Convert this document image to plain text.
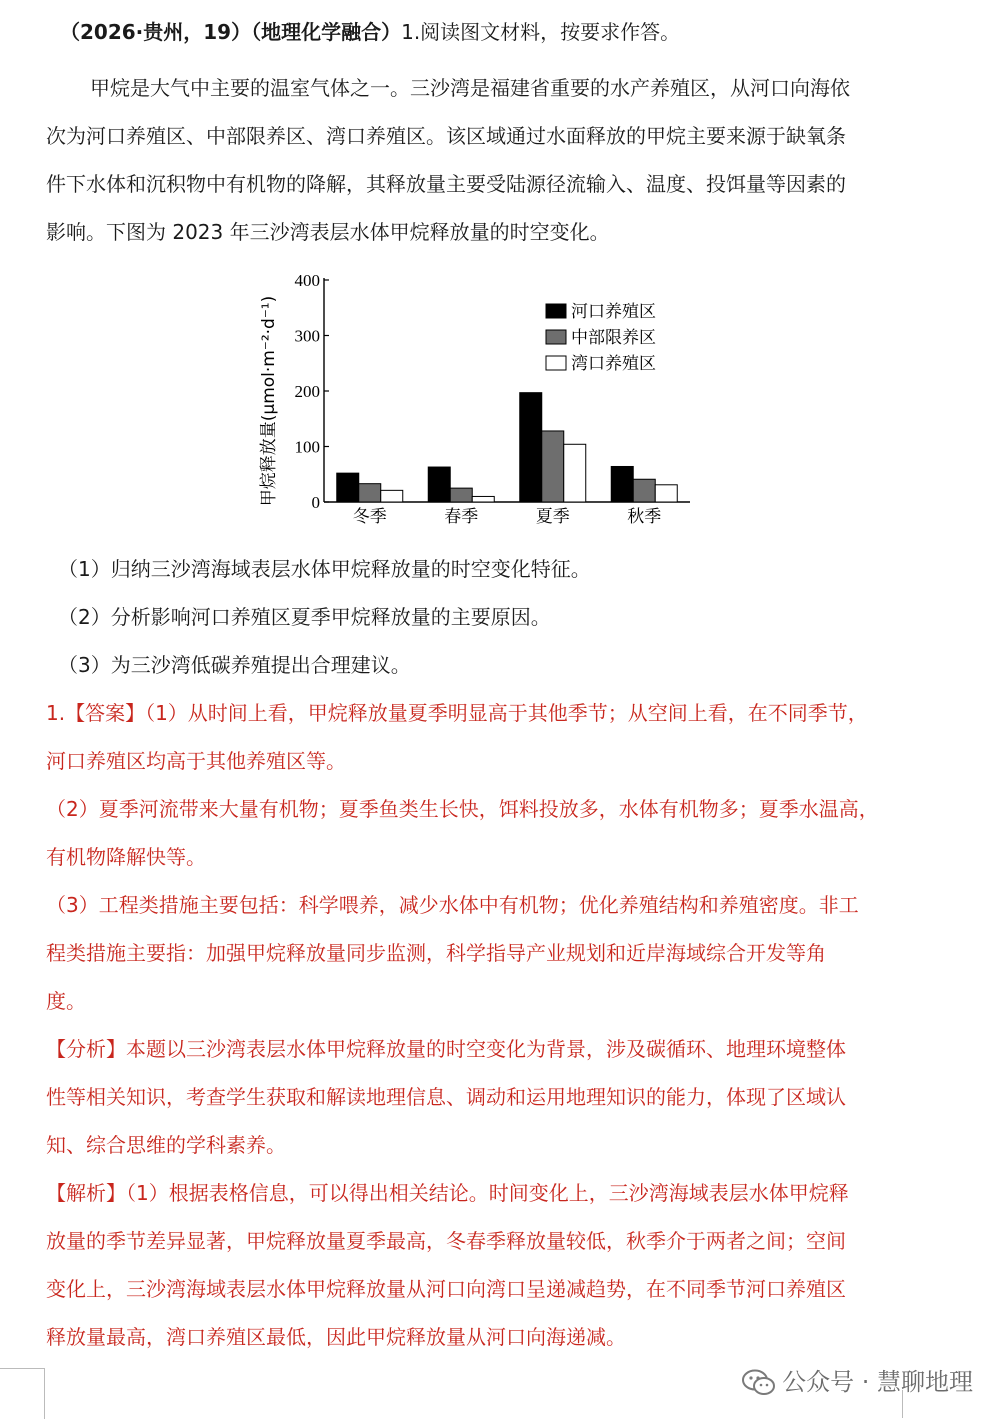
（2026·贵州，19）（地理化学融合）1.阅读图文材料，按要求作答。
甲烷是大气中主要的温室气体之一。三沙湾是福建省重要的水产养殖区，从河口向海依
次为河口养殖区、中部限养区、湾口养殖区。该区域通过水面释放的甲烷主要来源于缺氧条
件下水体和沉积物中有机物的降解，其释放量主要受陆源径流输入、温度、投饵量等因素的
影响。下图为 2023 年三沙湾表层水体甲烷释放量的时空变化。
0
100
200
300
400
甲烷释放量(μmol·m⁻²·d⁻¹)
冬季	春季	夏季	秋季
河口养殖区
中部限养区
湾口养殖区
（1）归纳三沙湾海域表层水体甲烷释放量的时空变化特征。
（2）分析影响河口养殖区夏季甲烷释放量的主要原因。
（3）为三沙湾低碳养殖提出合理建议。
1.【答案】（1）从时间上看，甲烷释放量夏季明显高于其他季节；从空间上看，在不同季节，
河口养殖区均高于其他养殖区等。
（2）夏季河流带来大量有机物；夏季鱼类生长快，饵料投放多，水体有机物多；夏季水温高，
有机物降解快等。
（3）工程类措施主要包括：科学喂养，减少水体中有机物；优化养殖结构和养殖密度。非工
程类措施主要指：加强甲烷释放量同步监测，科学指导产业规划和近岸海域综合开发等角
度。
【分析】本题以三沙湾表层水体甲烷释放量的时空变化为背景，涉及碳循环、地理环境整体
性等相关知识，考查学生获取和解读地理信息、调动和运用地理知识的能力，体现了区域认
知、综合思维的学科素养。
【解析】（1）根据表格信息，可以得出相关结论。时间变化上，三沙湾海域表层水体甲烷释
放量的季节差异显著，甲烷释放量夏季最高，冬春季释放量较低，秋季介于两者之间；空间
变化上，三沙湾海域表层水体甲烷释放量从河口向湾口呈递减趋势，在不同季节河口养殖区
释放量最高，湾口养殖区最低，因此甲烷释放量从河口向海递减。
公众号 · 慧聊地理
